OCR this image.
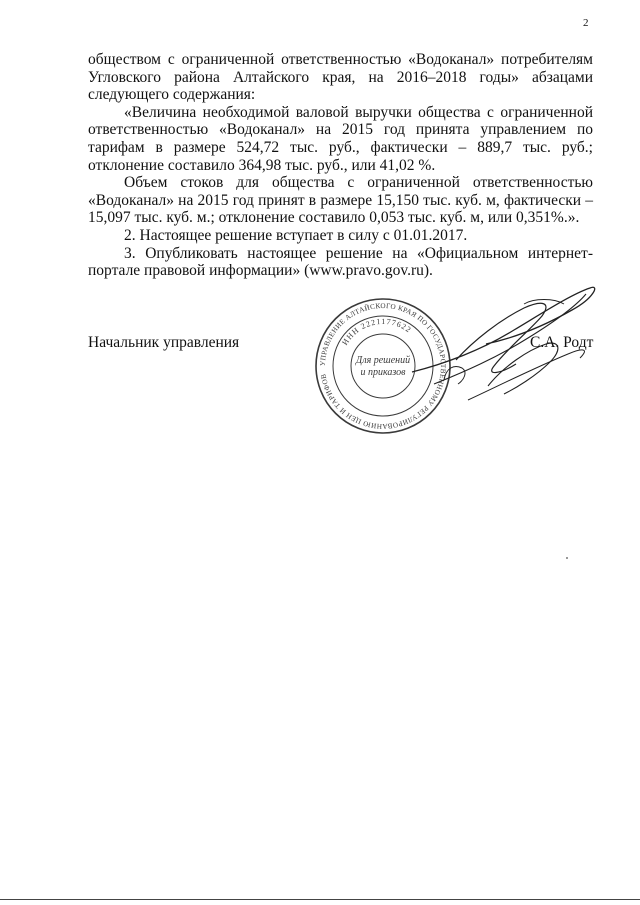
2

обществом с ограниченной ответственностью «Водоканал» потребителям Угловского района Алтайского края, на 2016–2018 годы» абзацами следующего содержания:

«Величина необходимой валовой выручки общества с ограниченной ответственностью «Водоканал» на 2015 год принята управлением по тарифам в размере 524,72 тыс. руб., фактически – 889,7 тыс. руб.; отклонение составило 364,98 тыс. руб., или 41,02 %.

Объем стоков для общества с ограниченной ответственностью «Водоканал» на 2015 год принят в размере 15,150 тыс. куб. м, фактически – 15,097 тыс. куб. м.; отклонение составило 0,053 тыс. куб. м, или 0,351%.».

2. Настоящее решение вступает в силу с 01.01.2017.

3. Опубликовать настоящее решение на «Официальном интернет-портале правовой информации» (www.pravo.gov.ru).

Начальник управления
УПРАВЛЕНИЕ АЛТАЙСКОГО КРАЯ ПО ГОСУДАРСТВЕННОМУ РЕГУЛИРОВАНИЮ ЦЕН И ТАРИФОВ
ИНН 2221177622
Для решений
и приказов
С.А. Родт
